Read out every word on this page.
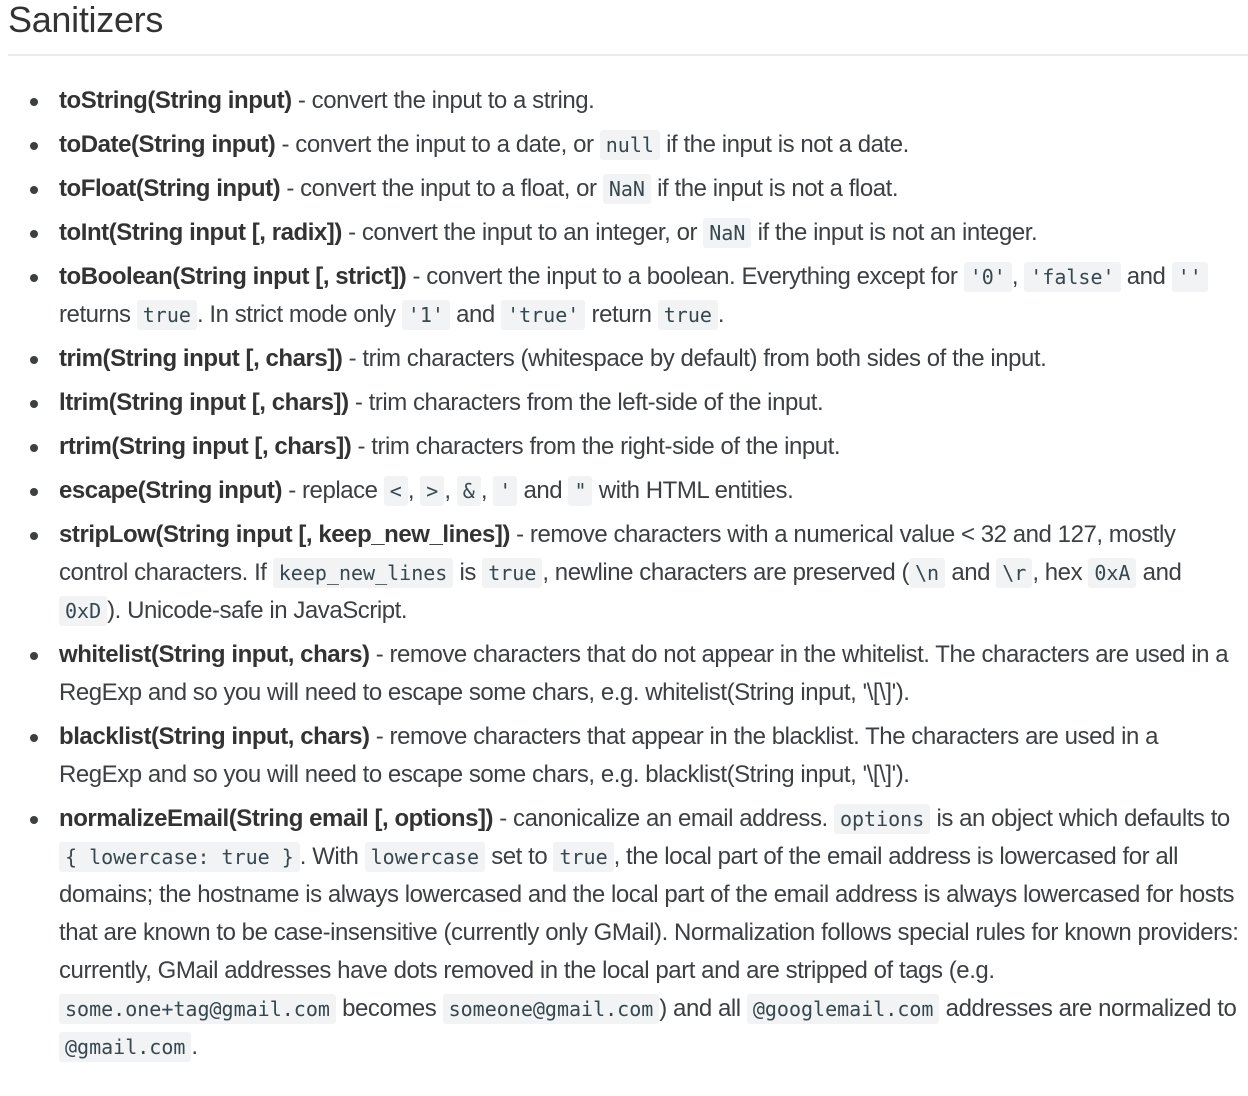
Sanitizers
toString(String input) - convert the input to a string.
toDate(String input) - convert the input to a date, or null if the input is not a date.
toFloat(String input) - convert the input to a float, or NaN if the input is not a float.
toInt(String input [, radix]) - convert the input to an integer, or NaN if the input is not an integer.
toBoolean(String input [, strict]) - convert the input to a boolean. Everything except for '0' , 'false' and '' returns true . In strict mode only '1' and 'true' return true .
trim(String input [, chars]) - trim characters (whitespace by default) from both sides of the input.
ltrim(String input [, chars]) - trim characters from the left-side of the input.
rtrim(String input [, chars]) - trim characters from the right-side of the input.
escape(String input) - replace < , > , & , ' and " with HTML entities.
stripLow(String input [, keep_new_lines]) - remove characters with a numerical value < 32 and 127, mostly control characters. If keep_new_lines is true , newline characters are preserved ( \n and \r , hex 0xA and 0xD ). Unicode-safe in JavaScript.
whitelist(String input, chars) - remove characters that do not appear in the whitelist. The characters are used in a RegExp and so you will need to escape some chars, e.g. whitelist(String input, '\[\]').
blacklist(String input, chars) - remove characters that appear in the blacklist. The characters are used in a RegExp and so you will need to escape some chars, e.g. blacklist(String input, '\[\]').
normalizeEmail(String email [, options]) - canonicalize an email address. options is an object which defaults to { lowercase: true } . With lowercase set to true , the local part of the email address is lowercased for all domains; the hostname is always lowercased and the local part of the email address is always lowercased for hosts that are known to be case-insensitive (currently only GMail). Normalization follows special rules for known providers: currently, GMail addresses have dots removed in the local part and are stripped of tags (e.g. some.one+tag@gmail.com becomes someone@gmail.com ) and all @googlemail.com addresses are normalized to @gmail.com .
